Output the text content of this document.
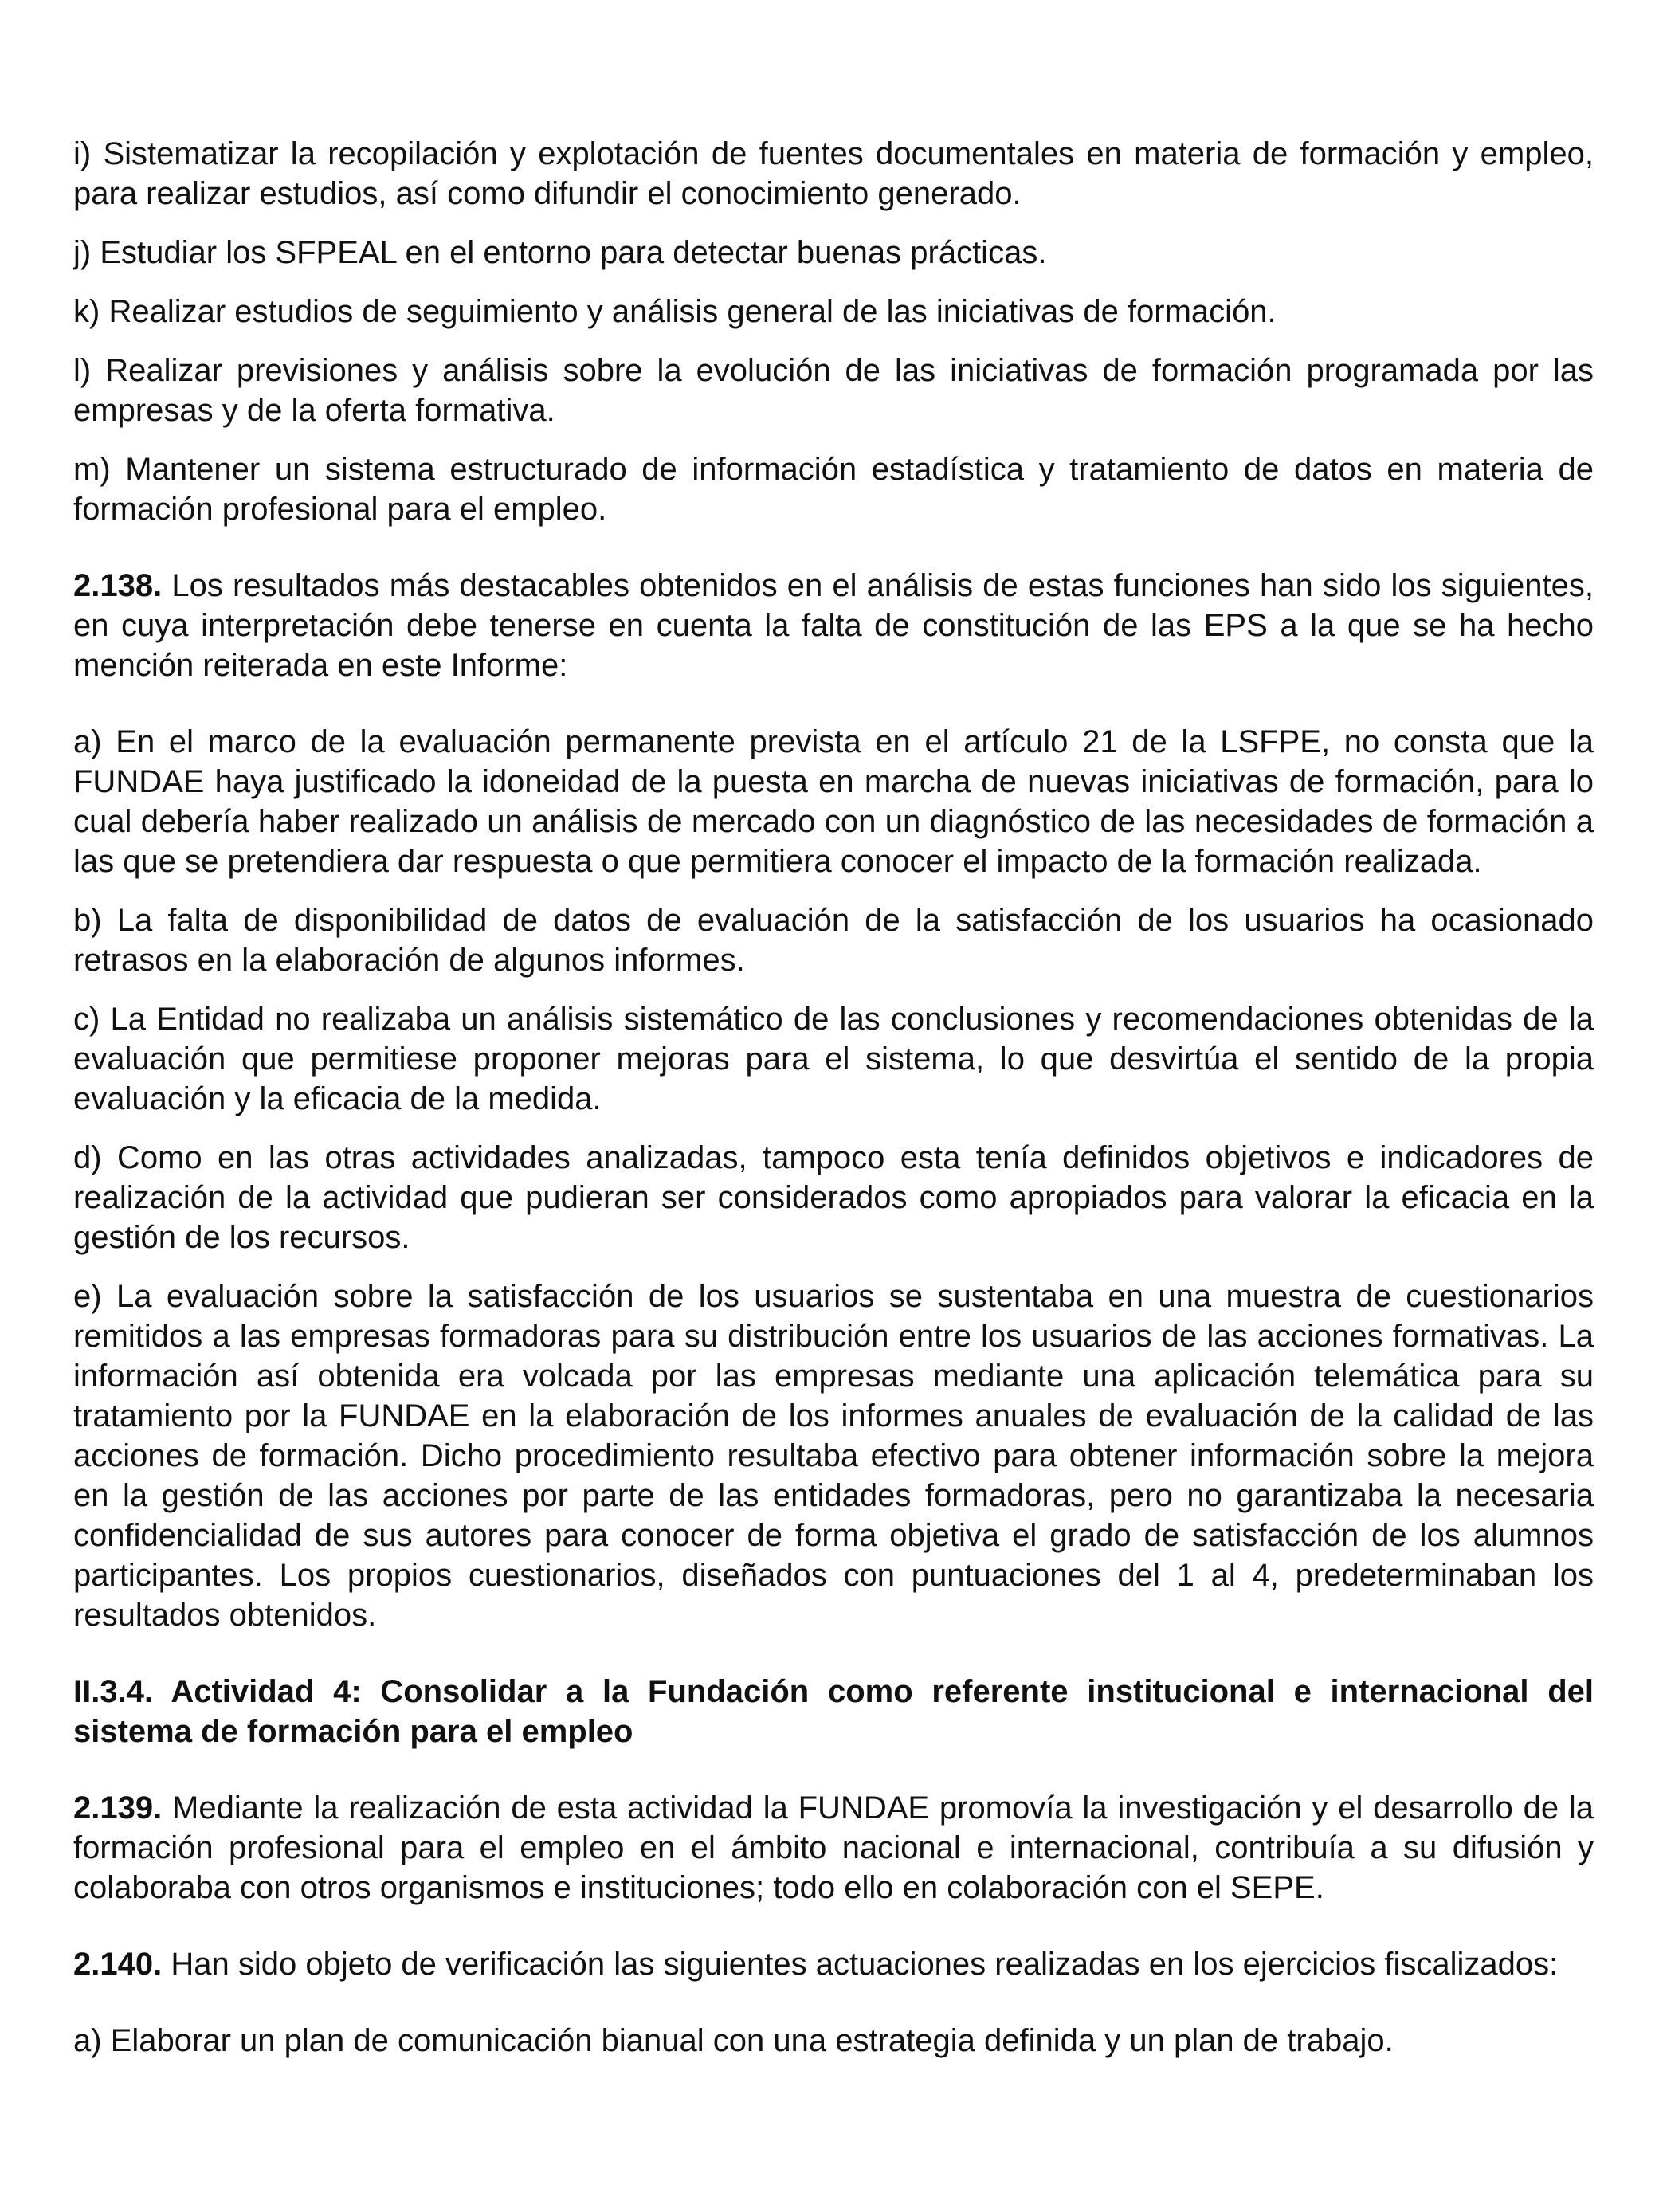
i) Sistematizar la recopilación y explotación de fuentes documentales en materia de formación y empleo, para realizar estudios, así como difundir el conocimiento generado.

j) Estudiar los SFPEAL en el entorno para detectar buenas prácticas.

k) Realizar estudios de seguimiento y análisis general de las iniciativas de formación.

l) Realizar previsiones y análisis sobre la evolución de las iniciativas de formación programada por las empresas y de la oferta formativa.

m) Mantener un sistema estructurado de información estadística y tratamiento de datos en materia de formación profesional para el empleo.

2.138. Los resultados más destacables obtenidos en el análisis de estas funciones han sido los siguientes, en cuya interpretación debe tenerse en cuenta la falta de constitución de las EPS a la que se ha hecho mención reiterada en este Informe:

a) En el marco de la evaluación permanente prevista en el artículo 21 de la LSFPE, no consta que la FUNDAE haya justificado la idoneidad de la puesta en marcha de nuevas iniciativas de formación, para lo cual debería haber realizado un análisis de mercado con un diagnóstico de las necesidades de formación a las que se pretendiera dar respuesta o que permitiera conocer el impacto de la formación realizada.

b) La falta de disponibilidad de datos de evaluación de la satisfacción de los usuarios ha ocasionado retrasos en la elaboración de algunos informes.

c) La Entidad no realizaba un análisis sistemático de las conclusiones y recomendaciones obtenidas de la evaluación que permitiese proponer mejoras para el sistema, lo que desvirtúa el sentido de la propia evaluación y la eficacia de la medida.

d) Como en las otras actividades analizadas, tampoco esta tenía definidos objetivos e indicadores de realización de la actividad que pudieran ser considerados como apropiados para valorar la eficacia en la gestión de los recursos.

e) La evaluación sobre la satisfacción de los usuarios se sustentaba en una muestra de cuestionarios remitidos a las empresas formadoras para su distribución entre los usuarios de las acciones formativas. La información así obtenida era volcada por las empresas mediante una aplicación telemática para su tratamiento por la FUNDAE en la elaboración de los informes anuales de evaluación de la calidad de las acciones de formación. Dicho procedimiento resultaba efectivo para obtener información sobre la mejora en la gestión de las acciones por parte de las entidades formadoras, pero no garantizaba la necesaria confidencialidad de sus autores para conocer de forma objetiva el grado de satisfacción de los alumnos participantes. Los propios cuestionarios, diseñados con puntuaciones del 1 al 4, predeterminaban los resultados obtenidos.

II.3.4. Actividad 4: Consolidar a la Fundación como referente institucional e internacional del sistema de formación para el empleo

2.139. Mediante la realización de esta actividad la FUNDAE promovía la investigación y el desarrollo de la formación profesional para el empleo en el ámbito nacional e internacional, contribuía a su difusión y colaboraba con otros organismos e instituciones; todo ello en colaboración con el SEPE.

2.140. Han sido objeto de verificación las siguientes actuaciones realizadas en los ejercicios fiscalizados:

a) Elaborar un plan de comunicación bianual con una estrategia definida y un plan de trabajo.
